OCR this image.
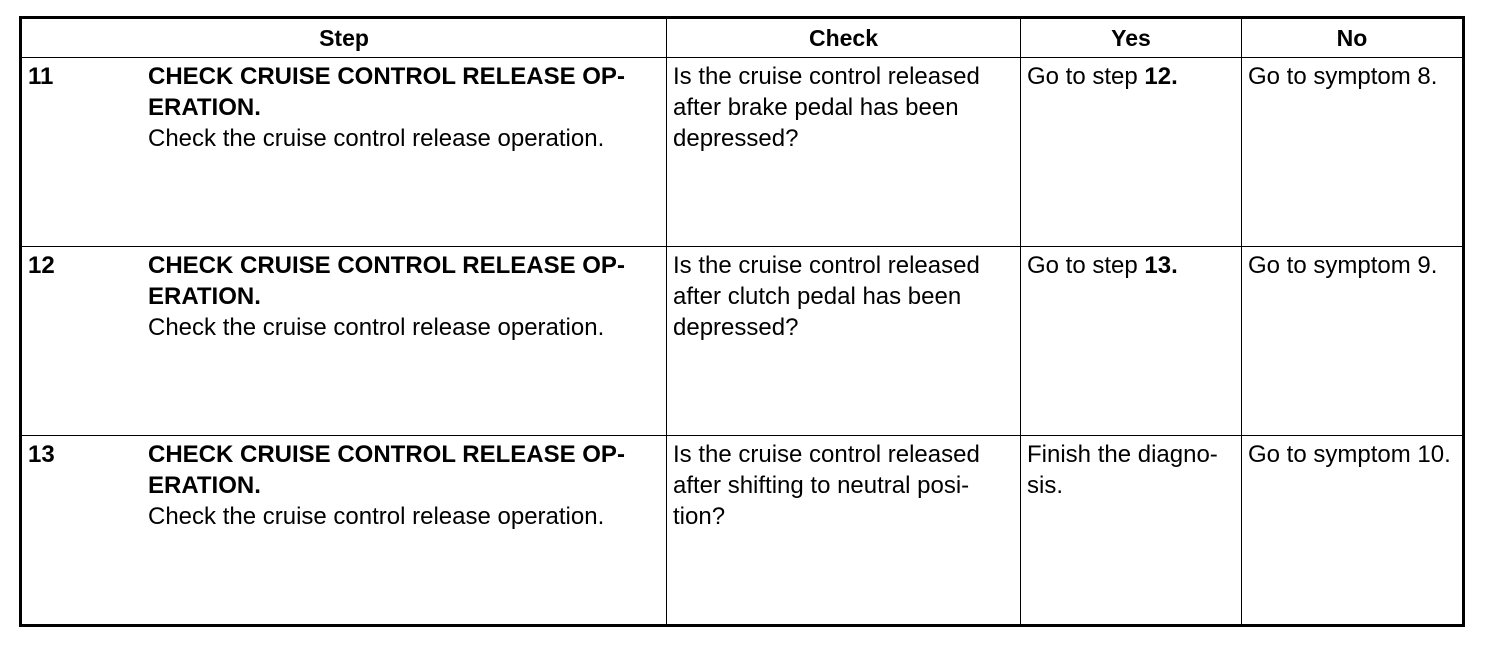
Step	Check	Yes	No

11 CHECK CRUISE CONTROL RELEASE OP-
ERATION.
Check the cruise control release operation.	Is the cruise control released after brake pedal has been depressed?	Go to step 12.	Go to symptom 8.

12 CHECK CRUISE CONTROL RELEASE OP-
ERATION.
Check the cruise control release operation.	Is the cruise control released after clutch pedal has been depressed?	Go to step 13.	Go to symptom 9.

13 CHECK CRUISE CONTROL RELEASE OP-
ERATION.
Check the cruise control release operation.	Is the cruise control released after shifting to neutral posi-tion?	Finish the diagno-sis.	Go to symptom 10.
